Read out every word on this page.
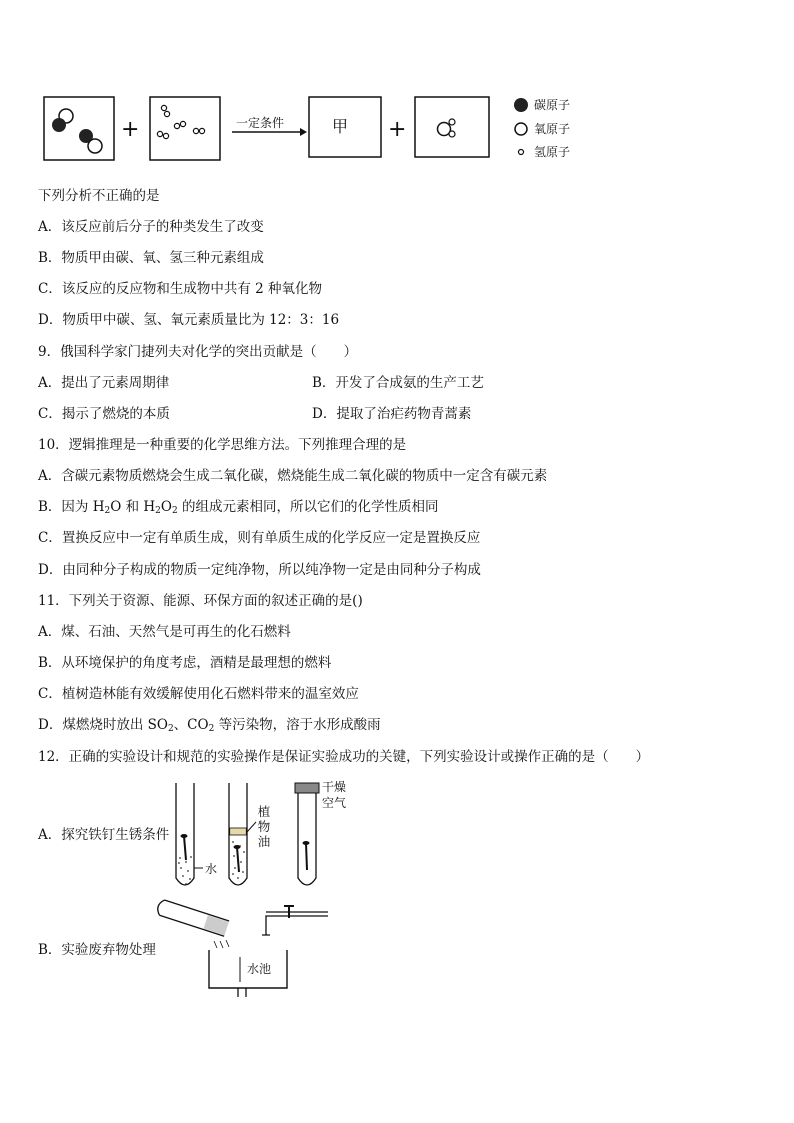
+	一定条件	甲 +
碳原子
氧原子
氢原子
下列分析不正确的是
A．该反应前后分子的种类发生了改变
B．物质甲由碳、氧、氢三种元素组成
C．该反应的反应物和生成物中共有 2 种氧化物
D．物质甲中碳、氢、氧元素质量比为 12：3：16
9．俄国科学家门捷列夫对化学的突出贡献是（　　）
A．提出了元素周期律	B．开发了合成氨的生产工艺
C．揭示了燃烧的本质	D．提取了治疟药物青蒿素
10．逻辑推理是一种重要的化学思维方法。下列推理合理的是
A．含碳元素物质燃烧会生成二氧化碳，燃烧能生成二氧化碳的物质中一定含有碳元素
B．因为 $H_2O$ 和 $H_2O_2$ 的组成元素相同，所以它们的化学性质相同
C．置换反应中一定有单质生成，则有单质生成的化学反应一定是置换反应
D．由同种分子构成的物质一定纯净物，所以纯净物一定是由同种分子构成
11．下列关于资源、能源、环保方面的叙述正确的是()
A．煤、石油、天然气是可再生的化石燃料
B．从环境保护的角度考虑，酒精是最理想的燃料
C．植树造林能有效缓解使用化石燃料带来的温室效应
D．煤燃烧时放出 $SO_2$、$CO_2$ 等污染物，溶于水形成酸雨
12．正确的实验设计和规范的实验操作是保证实验成功的关键，下列实验设计或操作正确的是（　　）
A．探究铁钉生锈条件
B．实验废弃物处理
水
干燥
空气
植
物
油
水池
